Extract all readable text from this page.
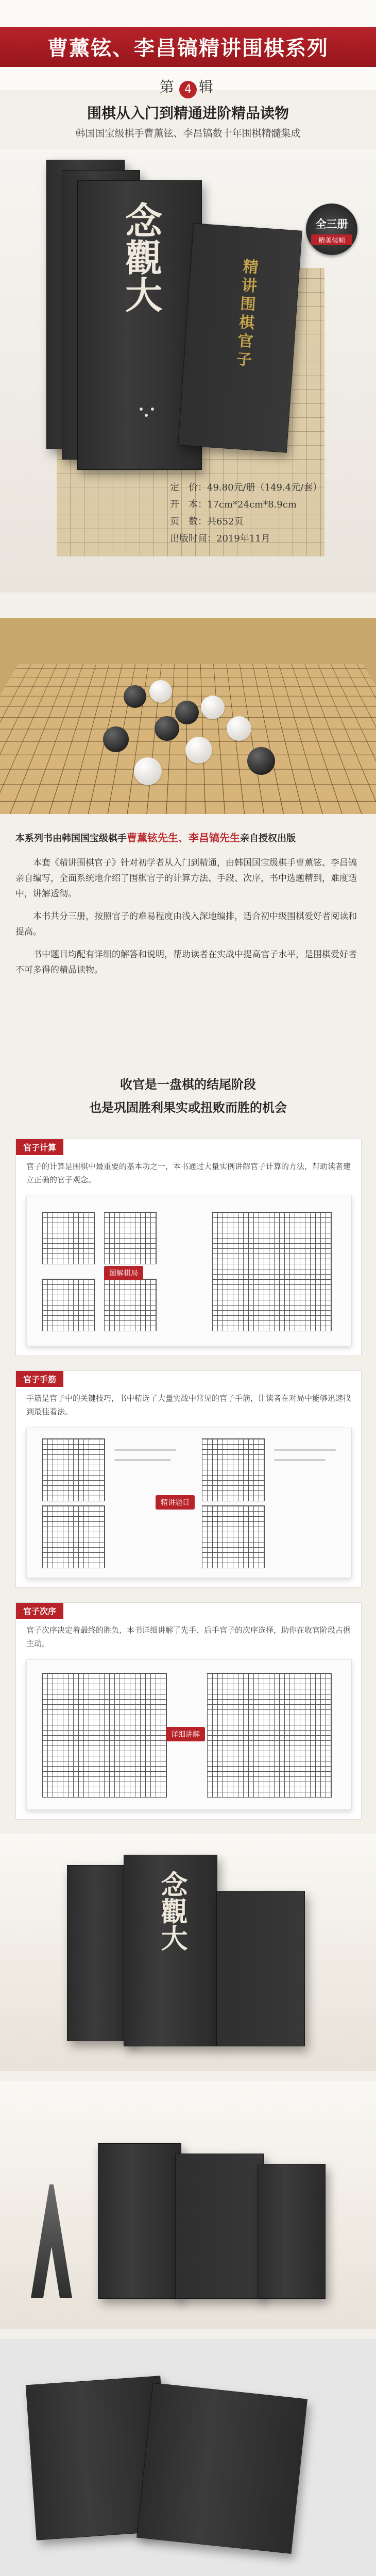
曹薰铉、李昌镐精讲围棋系列
第 4 辑
围棋从入门到精通进阶精品读物
韩国国宝级棋手曹薰铉、李昌镐数十年围棋精髓集成
念觀大
精讲围棋官子
全三册
精美装帧
定　价：49.80元/册（149.4元/套）
开　本：17cm*24cm*8.9cm
页　数：共652页
出版时间：2019年11月
本系列书由韩国国宝级棋手曹薰铉先生、李昌镐先生亲自授权出版

本套《精讲围棋官子》针对初学者从入门到精通，由韩国国宝级棋手曹薰铉、李昌镐亲自编写，全面系统地介绍了围棋官子的计算方法、手段、次序，书中选题精到，难度适中，讲解透彻。

本书共分三册，按照官子的难易程度由浅入深地编排，适合初中级围棋爱好者阅读和提高。

书中题目均配有详细的解答和说明，帮助读者在实战中提高官子水平，是围棋爱好者不可多得的精品读物。

收官是一盘棋的结尾阶段
也是巩固胜利果实或扭败而胜的机会
官子计算
官子的计算是围棋中最重要的基本功之一，本书通过大量实例讲解官子计算的方法，帮助读者建立正确的官子观念。
图解棋局
官子手筋
手筋是官子中的关键技巧，书中精选了大量实战中常见的官子手筋，让读者在对局中能够迅速找到最佳着法。
精讲题目
官子次序
官子次序决定着最终的胜负，本书详细讲解了先手、后手官子的次序选择，助你在收官阶段占据主动。
详细讲解
念觀大
